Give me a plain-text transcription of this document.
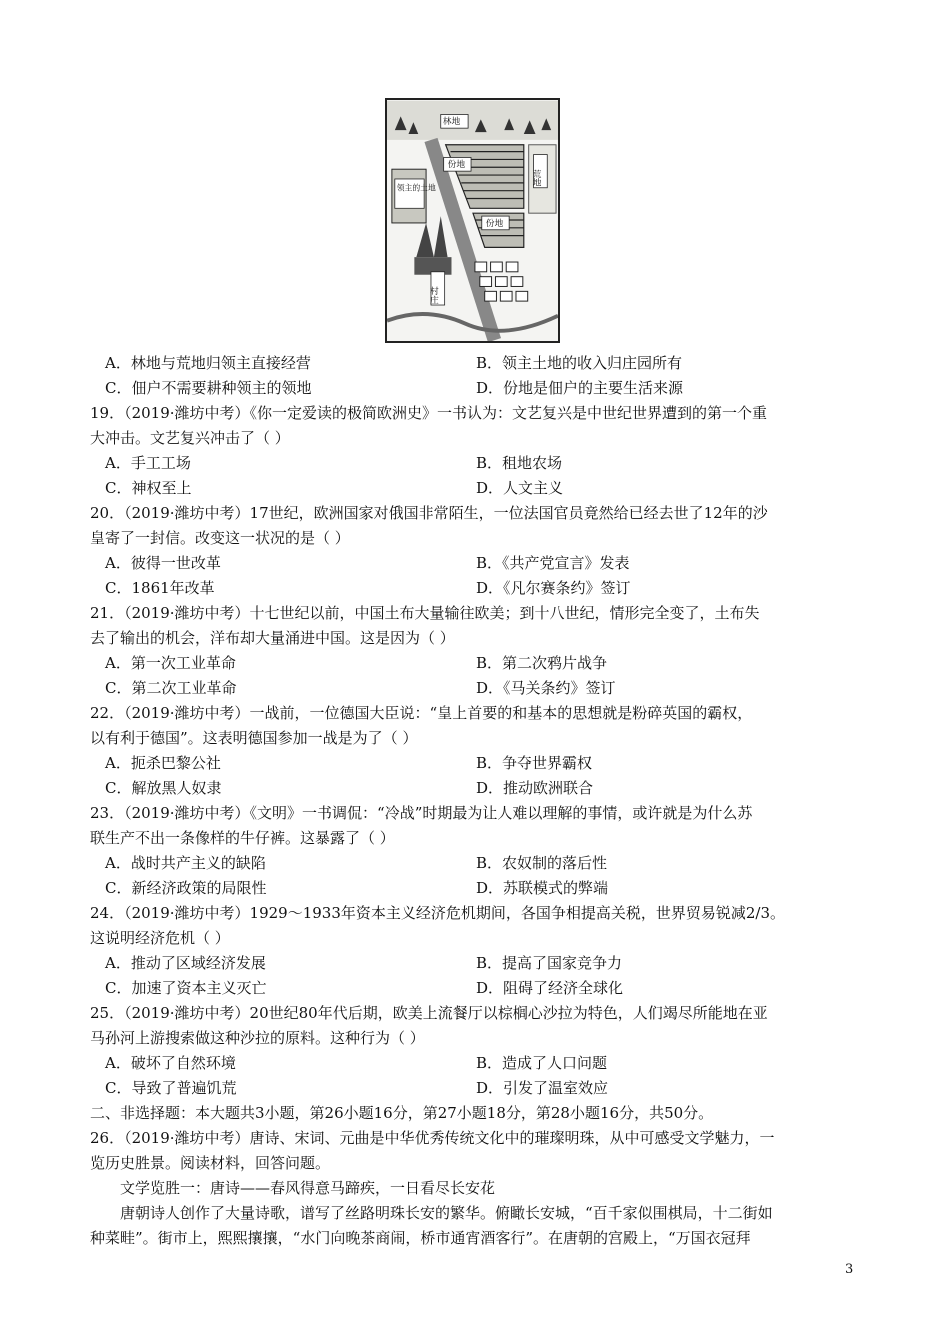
林地
份地
份地
荒地
领主的土地
村庄
A．林地与荒地归领主直接经营	B．领主土地的收入归庄园所有
C．佃户不需要耕种领主的领地	D．份地是佃户的主要生活来源
19．（2019·潍坊中考）《你一定爱读的极简欧洲史》一书认为：文艺复兴是中世纪世界遭到的第一个重
大冲击。文艺复兴冲击了（ ）
A．手工工场	B．租地农场
C．神权至上	D．人文主义
20．（2019·潍坊中考）17世纪，欧洲国家对俄国非常陌生，一位法国官员竟然给已经去世了12年的沙
皇寄了一封信。改变这一状况的是（ ）
A．彼得一世改革	B．《共产党宣言》发表
C．1861年改革	D．《凡尔赛条约》签订
21．（2019·潍坊中考）十七世纪以前，中国土布大量输往欧美；到十八世纪，情形完全变了，土布失
去了输出的机会，洋布却大量涌进中国。这是因为（ ）
A．第一次工业革命	B．第二次鸦片战争
C．第二次工业革命	D．《马关条约》签订
22．（2019·潍坊中考）一战前，一位德国大臣说：“皇上首要的和基本的思想就是粉碎英国的霸权，
以有利于德国”。这表明德国参加一战是为了（ ）
A．扼杀巴黎公社	B．争夺世界霸权
C．解放黑人奴隶	D．推动欧洲联合
23．（2019·潍坊中考）《文明》一书调侃：“冷战”时期最为让人难以理解的事情，或许就是为什么苏
联生产不出一条像样的牛仔裤。这暴露了（ ）
A．战时共产主义的缺陷	B．农奴制的落后性
C．新经济政策的局限性	D．苏联模式的弊端
24．（2019·潍坊中考）1929～1933年资本主义经济危机期间，各国争相提高关税，世界贸易锐减2/3。
这说明经济危机（ ）
A．推动了区域经济发展	B．提高了国家竞争力
C．加速了资本主义灭亡	D．阻碍了经济全球化
25．（2019·潍坊中考）20世纪80年代后期，欧美上流餐厅以棕榈心沙拉为特色，人们竭尽所能地在亚
马孙河上游搜索做这种沙拉的原料。这种行为（ ）
A．破坏了自然环境	B．造成了人口问题
C．导致了普遍饥荒	D．引发了温室效应
二、非选择题：本大题共3小题，第26小题16分，第27小题18分，第28小题16分，共50分。
26．（2019·潍坊中考）唐诗、宋词、元曲是中华优秀传统文化中的璀璨明珠，从中可感受文学魅力，一
览历史胜景。阅读材料，回答问题。
文学览胜一：唐诗——春风得意马蹄疾，一日看尽长安花
唐朝诗人创作了大量诗歌，谱写了丝路明珠长安的繁华。俯瞰长安城，“百千家似围棋局，十二街如
种菜畦”。街市上，熙熙攘攘，“水门向晚茶商闹，桥市通宵酒客行”。在唐朝的宫殿上，“万国衣冠拜
3
